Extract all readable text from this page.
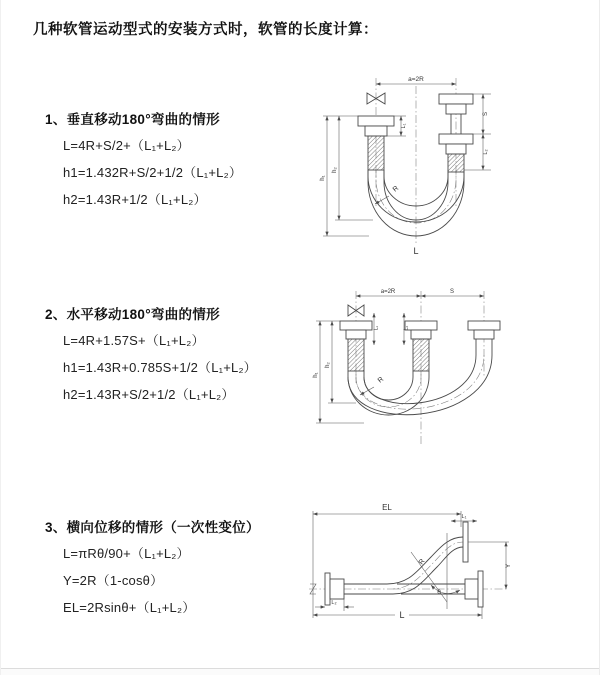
几种软管运动型式的安装方式时，软管的长度计算：
1、垂直移动180°弯曲的情形
L=4R+S/2+（L₁+L₂）
h1=1.432R+S/2+1/2（L₁+L₂）
h2=1.43R+1/2（L₁+L₂）
2、水平移动180°弯曲的情形
L=4R+1.57S+（L₁+L₂）
h1=1.43R+0.785S+1/2（L₁+L₂）
h2=1.43R+S/2+1/2（L₁+L₂）
3、横向位移的情形（一次性变位）
L=πRθ/90+（L₁+L₂）
Y=2R（1-cosθ）
EL=2Rsinθ+（L₁+L₂）
a=2R
S
L₂
L₁
h₁
h₂
R
L
a=2R	S
L₁	L₂
h₁
h₂
R
EL
L₁
R
θ
Y
L₂
L
